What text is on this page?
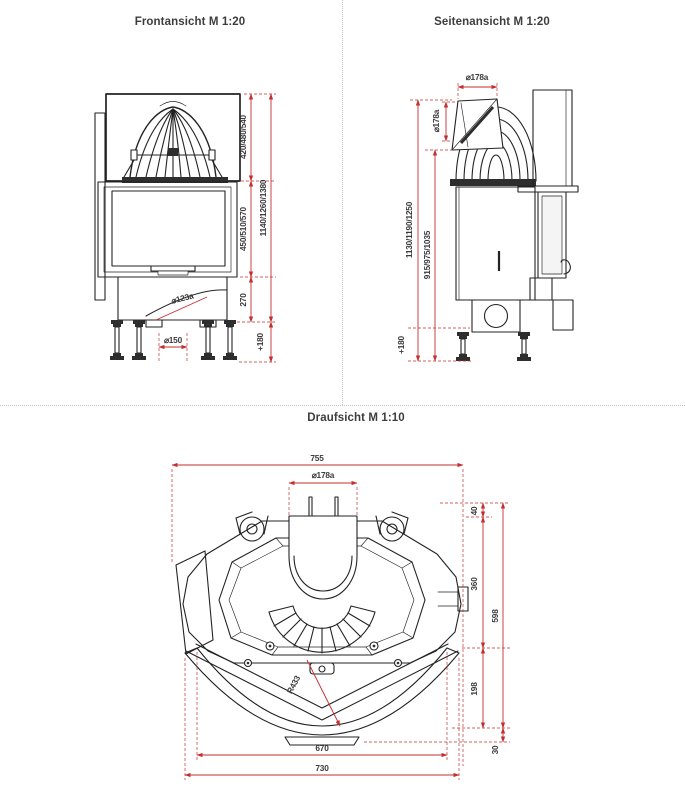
Frontansicht M 1:20	Seitenansicht M 1:20
Draufsicht M 1:10
420/480/540
450/510/570
270
1140/1260/1380
+180
⌀150
⌀123a
⌀178a
⌀178a
1130/1190/1250 915/975/1035
+180
755
⌀178a
40
360
198
598
30
670
730
R433
